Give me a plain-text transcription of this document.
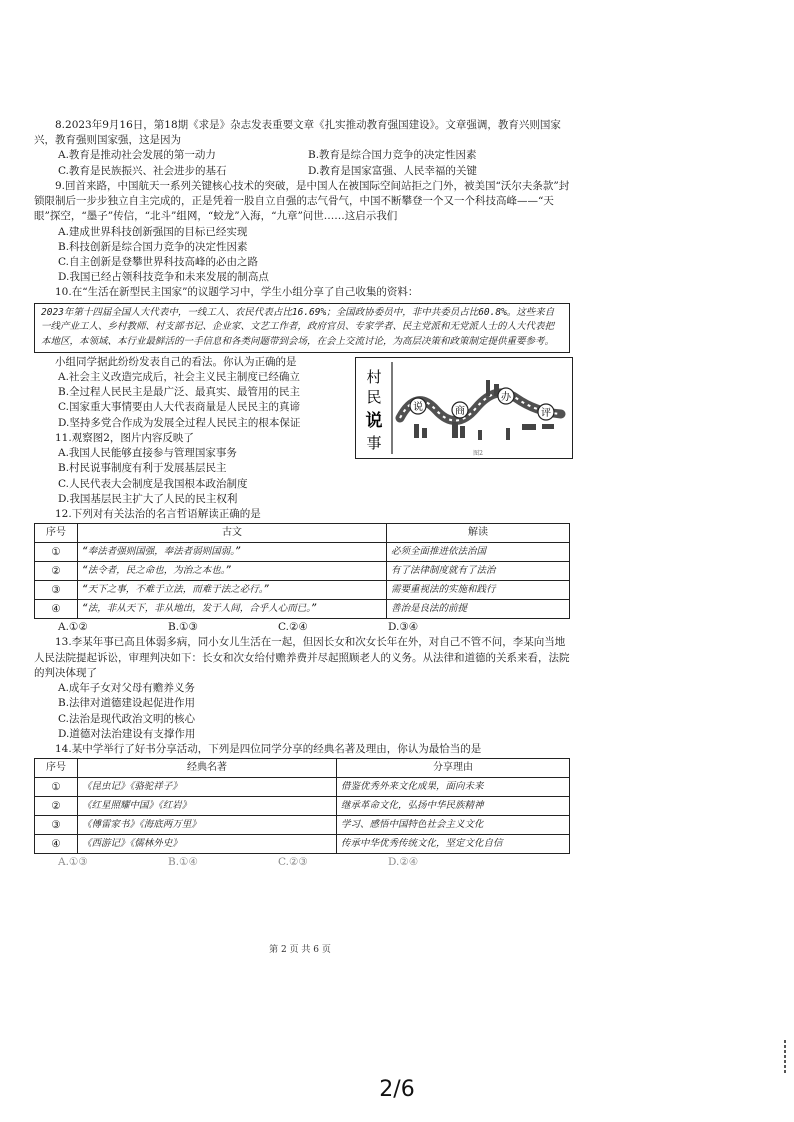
8.2023年9月16日，第18期《求是》杂志发表重要文章《扎实推动教育强国建设》。文章强调，教育兴则国家兴，教育强则国家强，这是因为

A.教育是推动社会发展的第一动力	B.教育是综合国力竞争的决定性因素
C.教育是民族振兴、社会进步的基石	D.教育是国家富强、人民幸福的关键

9.回首来路，中国航天一系列关键核心技术的突破，是中国人在被国际空间站拒之门外，被美国“沃尔夫条款”封锁限制后一步步独立自主完成的，正是凭着一股自立自强的志气骨气，中国不断攀登一个又一个科技高峰——“天眼”探空，“墨子”传信，“北斗”组网，“蛟龙”入海，“九章”问世……这启示我们

A.建成世界科技创新强国的目标已经实现

B.科技创新是综合国力竞争的决定性因素

C.自主创新是登攀世界科技高峰的必由之路

D.我国已经占领科技竞争和未来发展的制高点

10.在“生活在新型民主国家”的议题学习中，学生小组分享了自己收集的资料：

2023年第十四届全国人大代表中，一线工人、农民代表占比16.69%；全国政协委员中，非中共委员占比60.8%。这些来自一线产业工人、乡村教师、村支部书记、企业家、文艺工作者，政府官员、专家学者、民主党派和无党派人士的人大代表把本地区，本领域、本行业最鲜活的一手信息和各类问题带到会场，在会上交流讨论，为高层决策和政策制定提供重要参考。

小组同学据此纷纷发表自己的看法。你认为正确的是

A.社会主义改造完成后，社会主义民主制度已经确立

B.全过程人民民主是最广泛、最真实、最管用的民主

C.国家重大事情要由人大代表商量是人民民主的真谛

D.坚持多党合作成为发展全过程人民民主的根本保证

11.观察图2，图片内容反映了

A.我国人民能够直接参与管理国家事务

B.村民说事制度有利于发展基层民主

C.人民代表大会制度是我国根本政治制度

D.我国基层民主扩大了人民的民主权利

村
民
说
事
说	商
办
评
图2

12.下列对有关法治的名言哲语解读正确的是

序号	古文	解读
①	“奉法者强则国强，奉法者弱则国弱。”	必须全面推进依法治国
②	“法令者，民之命也，为治之本也。”	有了法律制度就有了法治
③	“天下之事，不难于立法，而难于法之必行。”	需要重视法的实施和践行
④	“法，非从天下，非从地出，发于人间，合乎人心而已。”	善治是良法的前提
A.①②	B.①③	C.②④	D.③④

13.李某年事已高且体弱多病，同小女儿生活在一起，但因长女和次女长年在外，对自己不管不问，李某向当地人民法院提起诉讼，审理判决如下：长女和次女给付赡养费并尽起照顾老人的义务。从法律和道德的关系来看，法院的判决体现了

A.成年子女对父母有赡养义务

B.法律对道德建设起促进作用

C.法治是现代政治文明的核心

D.道德对法治建设有支撑作用

14.某中学举行了好书分享活动，下列是四位同学分享的经典名著及理由，你认为最恰当的是

序号	经典名著	分享理由
①	《昆虫记》《骆驼祥子》	借鉴优秀外来文化成果，面向未来
②	《红星照耀中国》《红岩》	继承革命文化，弘扬中华民族精神
③	《傅雷家书》《海底两万里》	学习、感悟中国特色社会主义文化
④	《西游记》《儒林外史》	传承中华优秀传统文化，坚定文化自信
A.①③	B.①④	C.②③	D.②④
第 2 页 共 6 页
2/6
